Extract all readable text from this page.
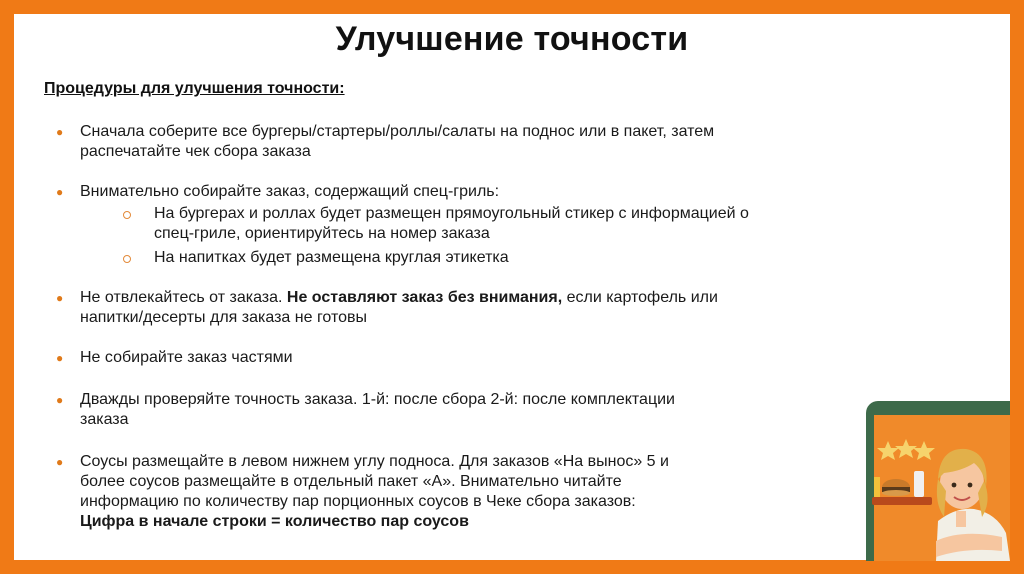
Улучшение точности
Процедуры для улучшения точности:
● Сначала соберите все бургеры/стартеры/роллы/салаты на поднос или в пакет, затем
распечатайте чек сбора заказа
● Внимательно собирайте заказ, содержащий спец-гриль:
На бургерах и роллах будет размещен прямоугольный стикер с информацией о
спец-гриле, ориентируйтесь на номер заказа
На напитках будет размещена круглая этикетка
● Не отвлекайтесь от заказа. Не оставляют заказ без внимания, если картофель или
напитки/десерты для заказа не готовы
● Не собирайте заказ частями
● Дважды проверяйте точность заказа. 1-й: после сбора 2-й: после комплектации
заказа
● Соусы размещайте в левом нижнем углу подноса. Для заказов «На вынос» 5 и
более соусов размещайте в отдельный пакет «А». Внимательно читайте
информацию по количеству пар порционных соусов в Чеке сбора заказов:
Цифра в начале строки = количество пар соусов
